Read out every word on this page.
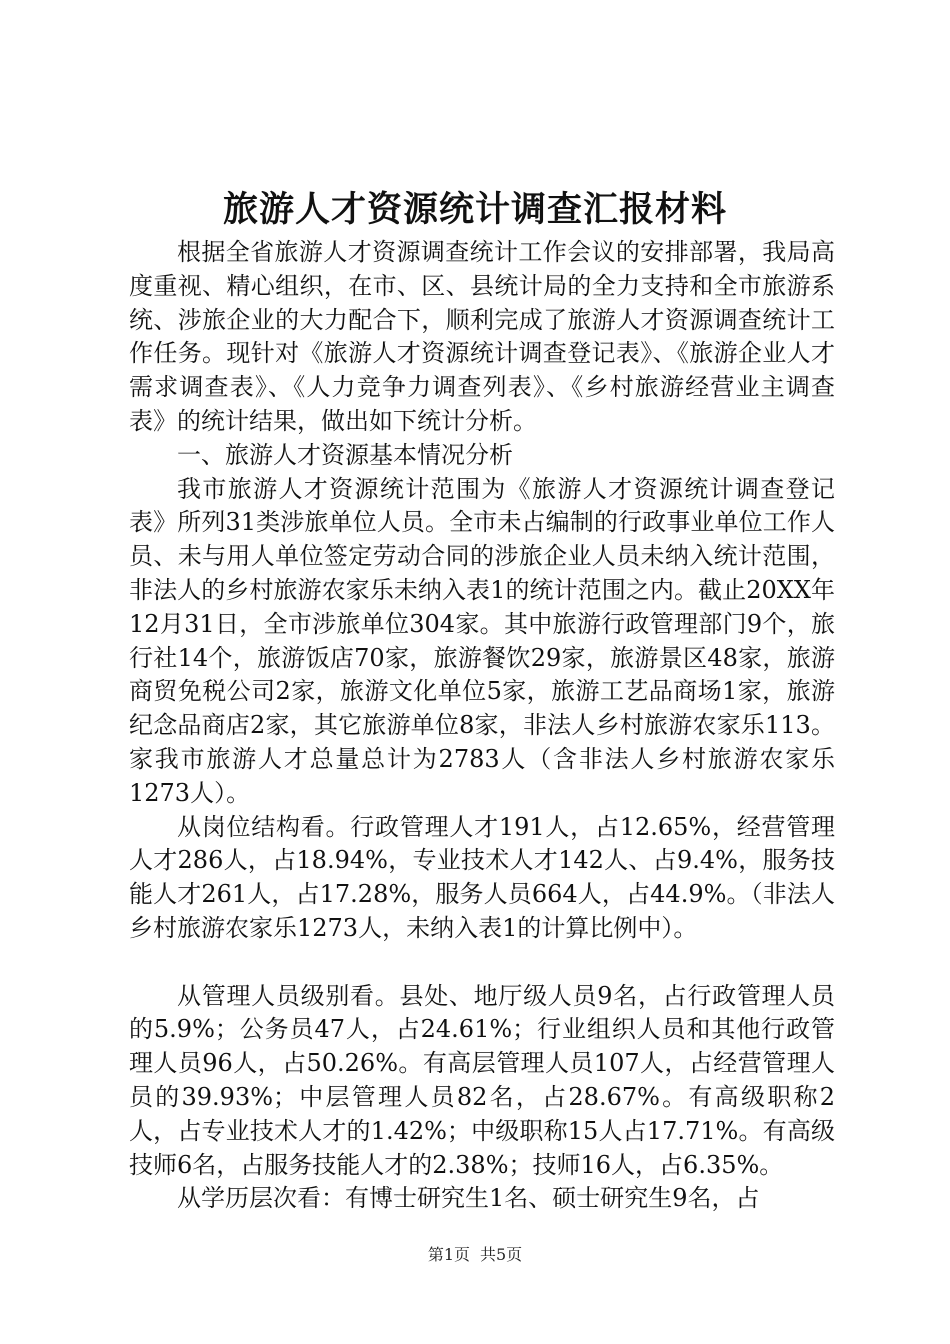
旅游人才资源统计调查汇报材料

根据全省旅游人才资源调查统计工作会议的安排部署，我局高度重视、精心组织，在市、区、县统计局的全力支持和全市旅游系统、涉旅企业的大力配合下，顺利完成了旅游人才资源调查统计工作任务。现针对《旅游人才资源统计调查登记表》、《旅游企业人才需求调查表》、《人力竞争力调查列表》、《乡村旅游经营业主调查表》的统计结果，做出如下统计分析。

一、旅游人才资源基本情况分析

我市旅游人才资源统计范围为《旅游人才资源统计调查登记表》所列31类涉旅单位人员。全市未占编制的行政事业单位工作人员、未与用人单位签定劳动合同的涉旅企业人员未纳入统计范围，非法人的乡村旅游农家乐未纳入表1的统计范围之内。截止20XX年12月31日，全市涉旅单位304家。其中旅游行政管理部门9个，旅行社14个，旅游饭店70家，旅游餐饮29家，旅游景区48家，旅游商贸免税公司2家，旅游文化单位5家，旅游工艺品商场1家，旅游纪念品商店2家，其它旅游单位8家，非法人乡村旅游农家乐113。家我市旅游人才总量总计为2783人（含非法人乡村旅游农家乐1273人）。

从岗位结构看。行政管理人才191人，占12.65%，经营管理人才286人，占18.94%，专业技术人才142人、占9.4%，服务技能人才261人，占17.28%，服务人员664人，占44.9%。（非法人乡村旅游农家乐1273人，未纳入表1的计算比例中）。

从管理人员级别看。县处、地厅级人员9名，占行政管理人员的5.9%；公务员47人，占24.61%；行业组织人员和其他行政管理人员96人，占50.26%。有高层管理人员107人，占经营管理人员的39.93%；中层管理人员82名，占28.67%。有高级职称2人，占专业技术人才的1.42%；中级职称15人占17.71%。有高级技师6名，占服务技能人才的2.38%；技师16人，占6.35%。

从学历层次看：有博士研究生1名、硕士研究生9名，占

第1页 共5页
